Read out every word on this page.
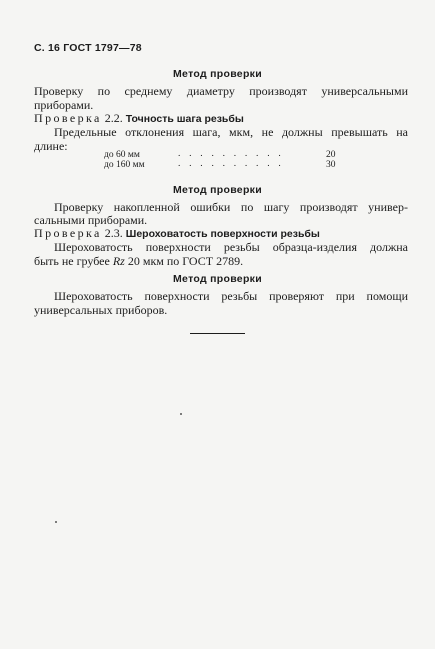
С. 16 ГОСТ 1797—78
Метод проверки
Проверку по среднему диаметру производят универсальными
приборами.
Проверка 2.2. Точность шага резьбы
Предельные отклонения шага, мкм, не должны превышать на
длине:
до 60 мм	. . . . . . . . . .	20
до 160 мм	. . . . . . . . . .	30
Метод проверки
Проверку накопленной ошибки по шагу производят унивeр-
сальными приборами.
Проверка 2.3. Шероховатость поверхности резьбы
Шероховатость поверхности резьбы образца-изделия должна
быть не грубее Rz 20 мкм по ГОСТ 2789.
Метод проверки
Шероховатость поверхности резьбы проверяют при помощи
универсальных приборов.
